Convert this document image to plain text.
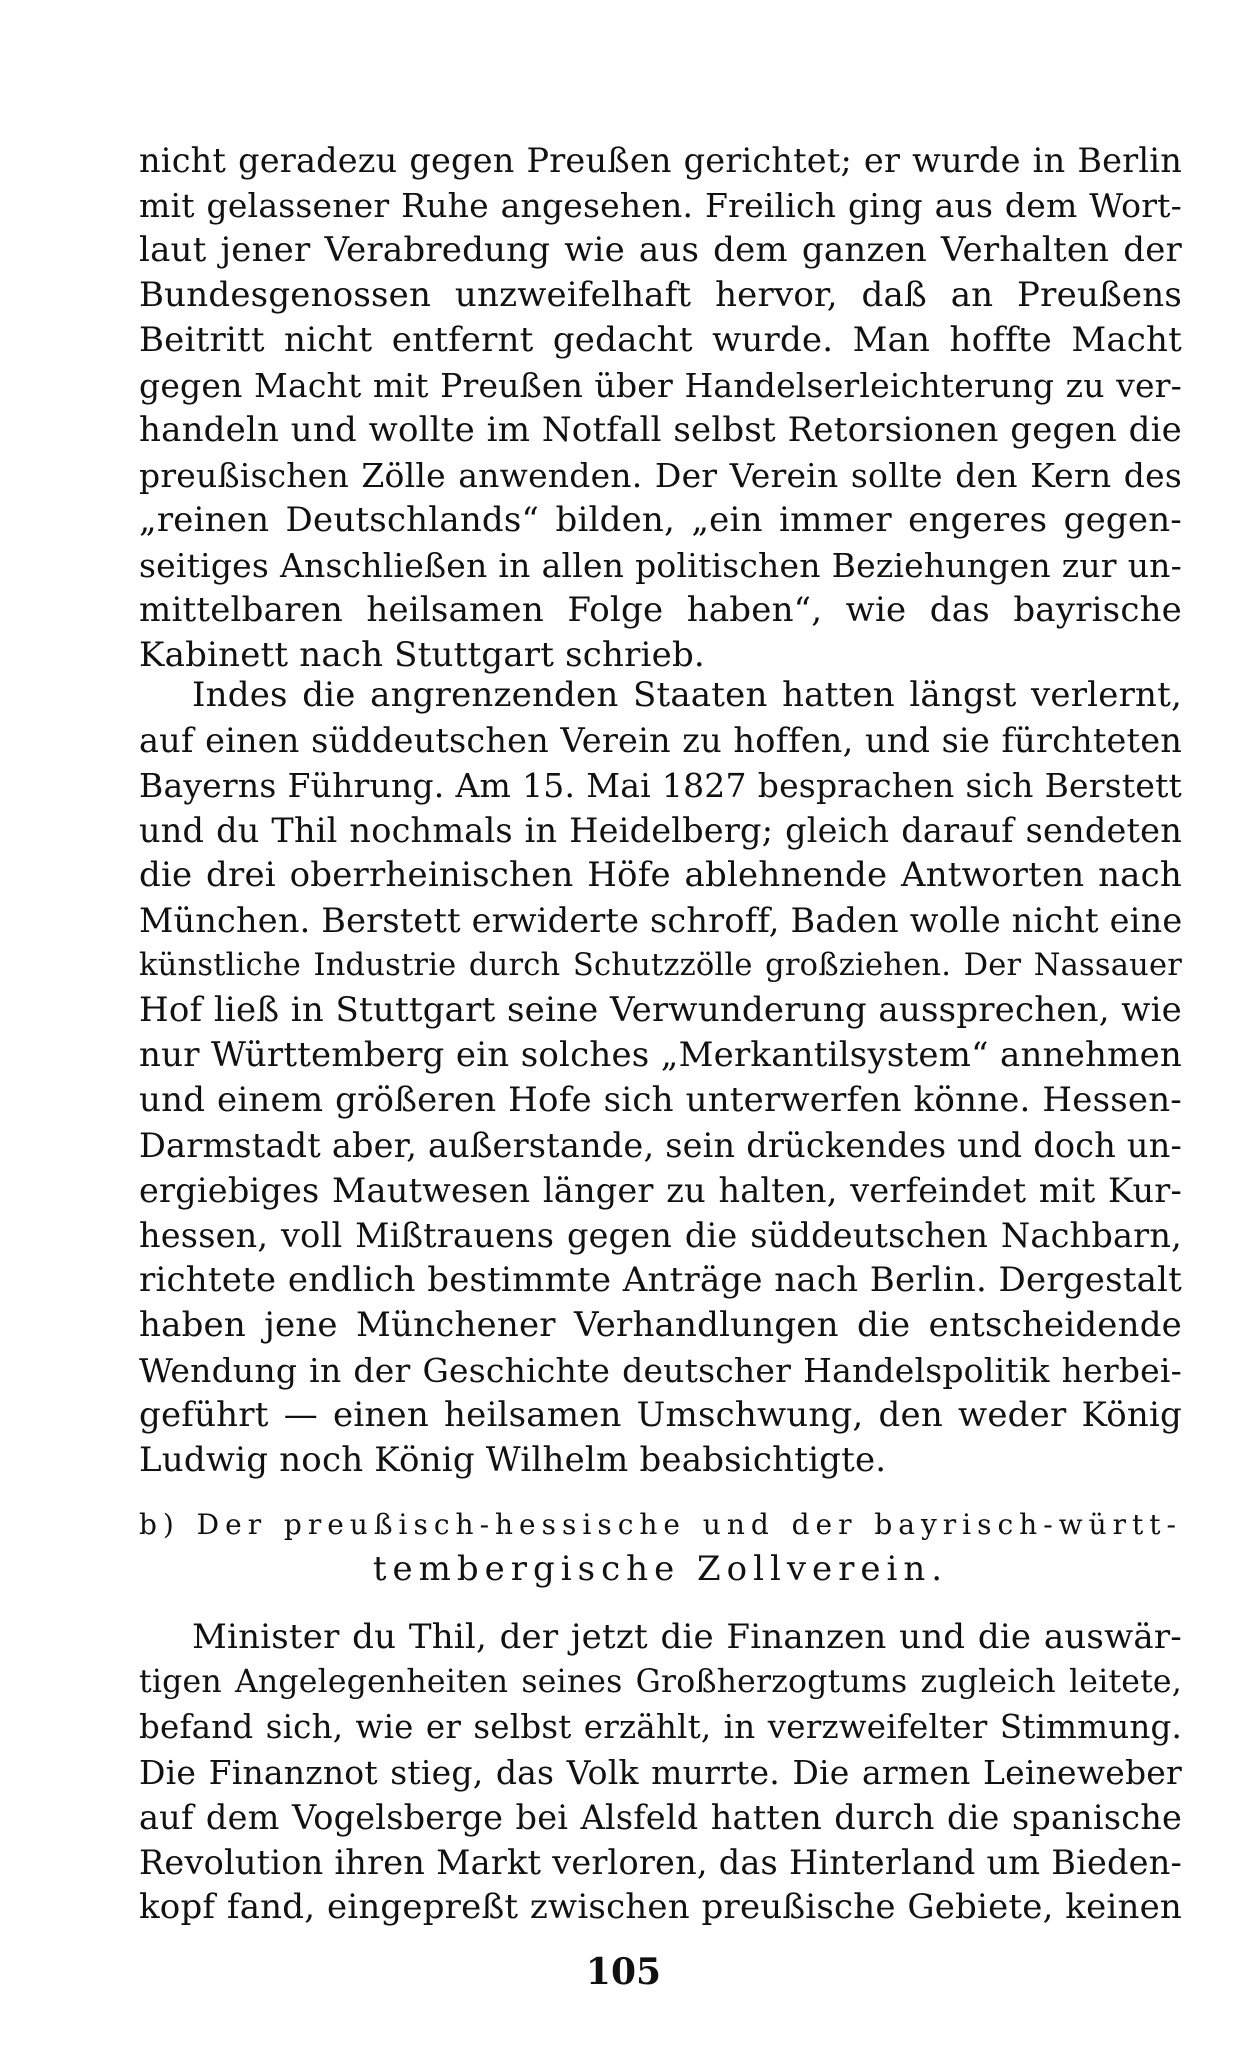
nicht geradezu gegen Preußen gerichtet; er wurde in Berlin
mit gelassener Ruhe angesehen. Freilich ging aus dem Wort-
laut jener Verabredung wie aus dem ganzen Verhalten der
Bundesgenossen unzweifelhaft hervor, daß an Preußens
Beitritt nicht entfernt gedacht wurde. Man hoffte Macht
gegen Macht mit Preußen über Handelserleichterung zu ver-
handeln und wollte im Notfall selbst Retorsionen gegen die
preußischen Zölle anwenden. Der Verein sollte den Kern des
„reinen Deutschlands“ bilden, „ein immer engeres gegen-
seitiges Anschließen in allen politischen Beziehungen zur un-
mittelbaren heilsamen Folge haben“, wie das bayrische
Kabinett nach Stuttgart schrieb.
Indes die angrenzenden Staaten hatten längst verlernt,
auf einen süddeutschen Verein zu hoffen, und sie fürchteten
Bayerns Führung. Am 15. Mai 1827 besprachen sich Berstett
und du Thil nochmals in Heidelberg; gleich darauf sendeten
die drei oberrheinischen Höfe ablehnende Antworten nach
München. Berstett erwiderte schroff, Baden wolle nicht eine
künstliche Industrie durch Schutzzölle großziehen. Der Nassauer
Hof ließ in Stuttgart seine Verwunderung aussprechen, wie
nur Württemberg ein solches „Merkantilsystem“ annehmen
und einem größeren Hofe sich unterwerfen könne. Hessen-
Darmstadt aber, außerstande, sein drückendes und doch un-
ergiebiges Mautwesen länger zu halten, verfeindet mit Kur-
hessen, voll Mißtrauens gegen die süddeutschen Nachbarn,
richtete endlich bestimmte Anträge nach Berlin. Dergestalt
haben jene Münchener Verhandlungen die entscheidende
Wendung in der Geschichte deutscher Handelspolitik herbei-
geführt — einen heilsamen Umschwung, den weder König
Ludwig noch König Wilhelm beabsichtigte.
b) Der preußisch-hessische und der bayrisch-württ-
tembergische Zollverein.
Minister du Thil, der jetzt die Finanzen und die auswär-
tigen Angelegenheiten seines Großherzogtums zugleich leitete,
befand sich, wie er selbst erzählt, in verzweifelter Stimmung.
Die Finanznot stieg, das Volk murrte. Die armen Leineweber
auf dem Vogelsberge bei Alsfeld hatten durch die spanische
Revolution ihren Markt verloren, das Hinterland um Bieden-
kopf fand, eingepreßt zwischen preußische Gebiete, keinen
105
